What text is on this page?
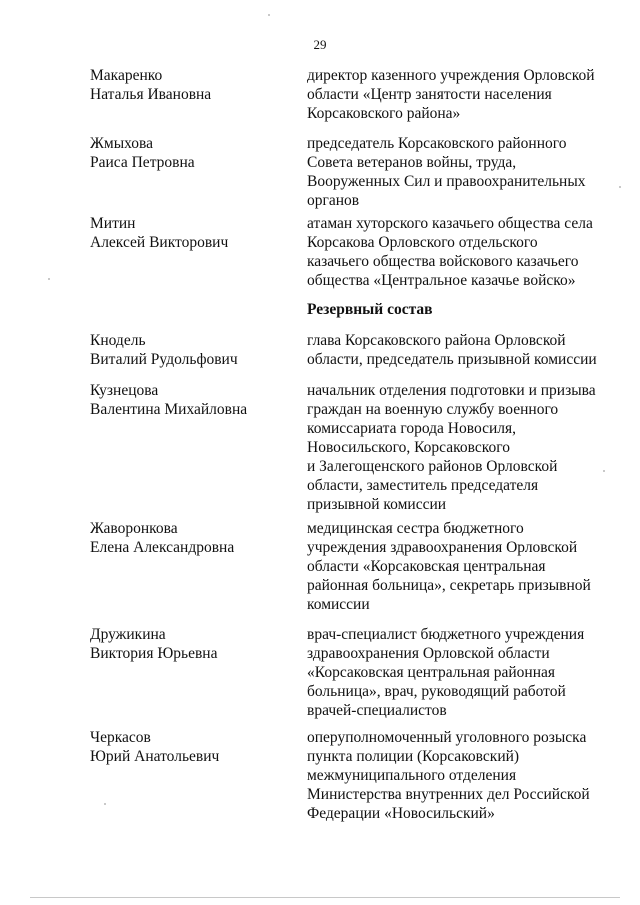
29
Макаренко
Наталья Ивановна
директор казенного учреждения Орловской
области «Центр занятости населения
Корсаковского района»
Жмыхова
Раиса Петровна
председатель Корсаковского районного
Совета ветеранов войны, труда,
Вооруженных Сил и правоохранительных
органов
Митин
Алексей Викторович
атаман хуторского казачьего общества села
Корсакова Орловского отдельского
казачьего общества войскового казачьего
общества «Центральное казачье войско»
Резервный состав
Кнодель
Виталий Рудольфович
глава Корсаковского района Орловской
области, председатель призывной комиссии
Кузнецова
Валентина Михайловна
начальник отделения подготовки и призыва
граждан на военную службу военного
комиссариата города Новосиля,
Новосильского, Корсаковского
и Залегощенского районов Орловской
области, заместитель председателя
призывной комиссии
Жаворонкова
Елена Александровна
медицинская сестра бюджетного
учреждения здравоохранения Орловской
области «Корсаковская центральная
районная больница», секретарь призывной
комиссии
Дружикина
Виктория Юрьевна
врач-специалист бюджетного учреждения
здравоохранения Орловской области
«Корсаковская центральная районная
больница», врач, руководящий работой
врачей-специалистов
Черкасов
Юрий Анатольевич
оперуполномоченный уголовного розыска
пункта полиции (Корсаковский)
межмуниципального отделения
Министерства внутренних дел Российской
Федерации «Новосильский»
